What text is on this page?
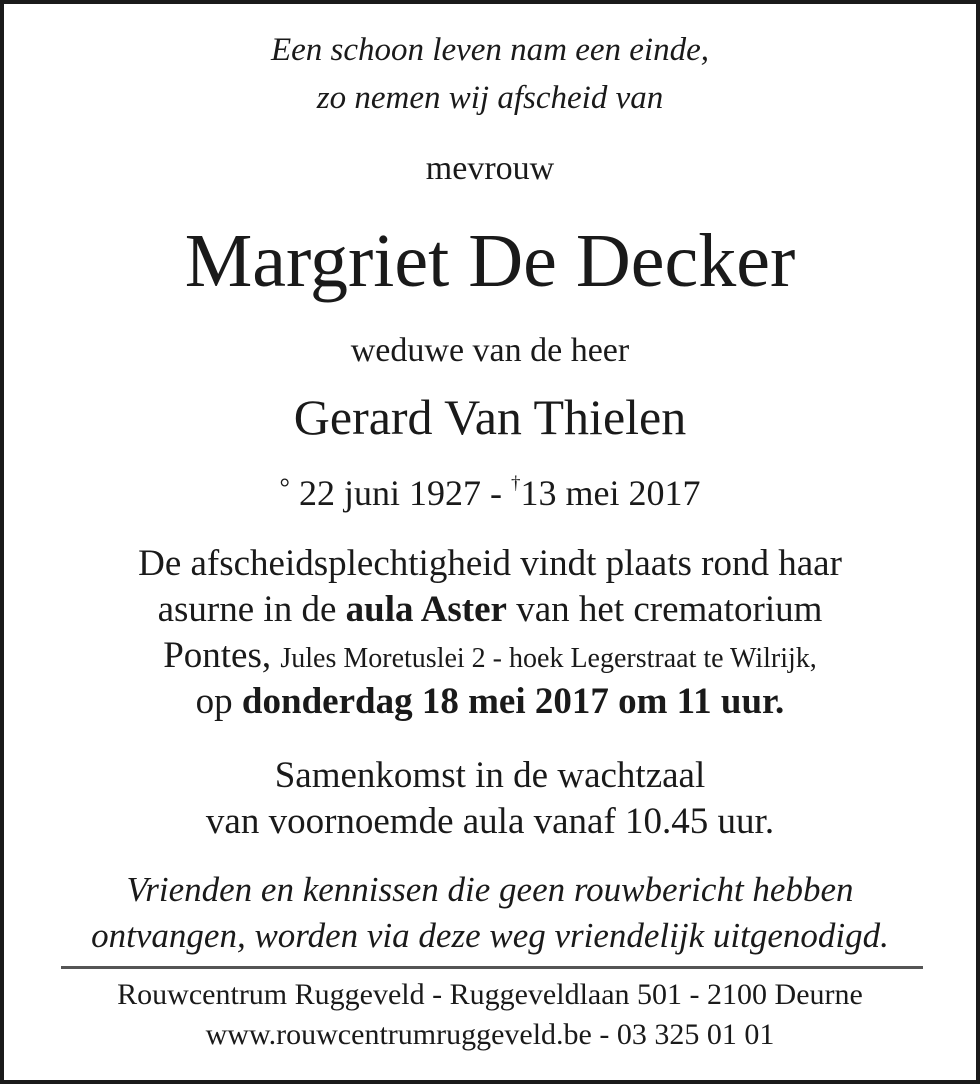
Een schoon leven nam een einde,
zo nemen wij afscheid van
mevrouw
Margriet De Decker
weduwe van de heer
Gerard Van Thielen
° 22 juni 1927 - †13 mei 2017
De afscheidsplechtigheid vindt plaats rond haar
asurne in de aula Aster van het crematorium
Pontes, Jules Moretuslei 2 - hoek Legerstraat te Wilrijk,
op donderdag 18 mei 2017 om 11 uur.
Samenkomst in de wachtzaal
van voornoemde aula vanaf 10.45 uur.
Vrienden en kennissen die geen rouwbericht hebben
ontvangen, worden via deze weg vriendelijk uitgenodigd.
Rouwcentrum Ruggeveld - Ruggeveldlaan 501 - 2100 Deurne
www.rouwcentrumruggeveld.be - 03 325 01 01
